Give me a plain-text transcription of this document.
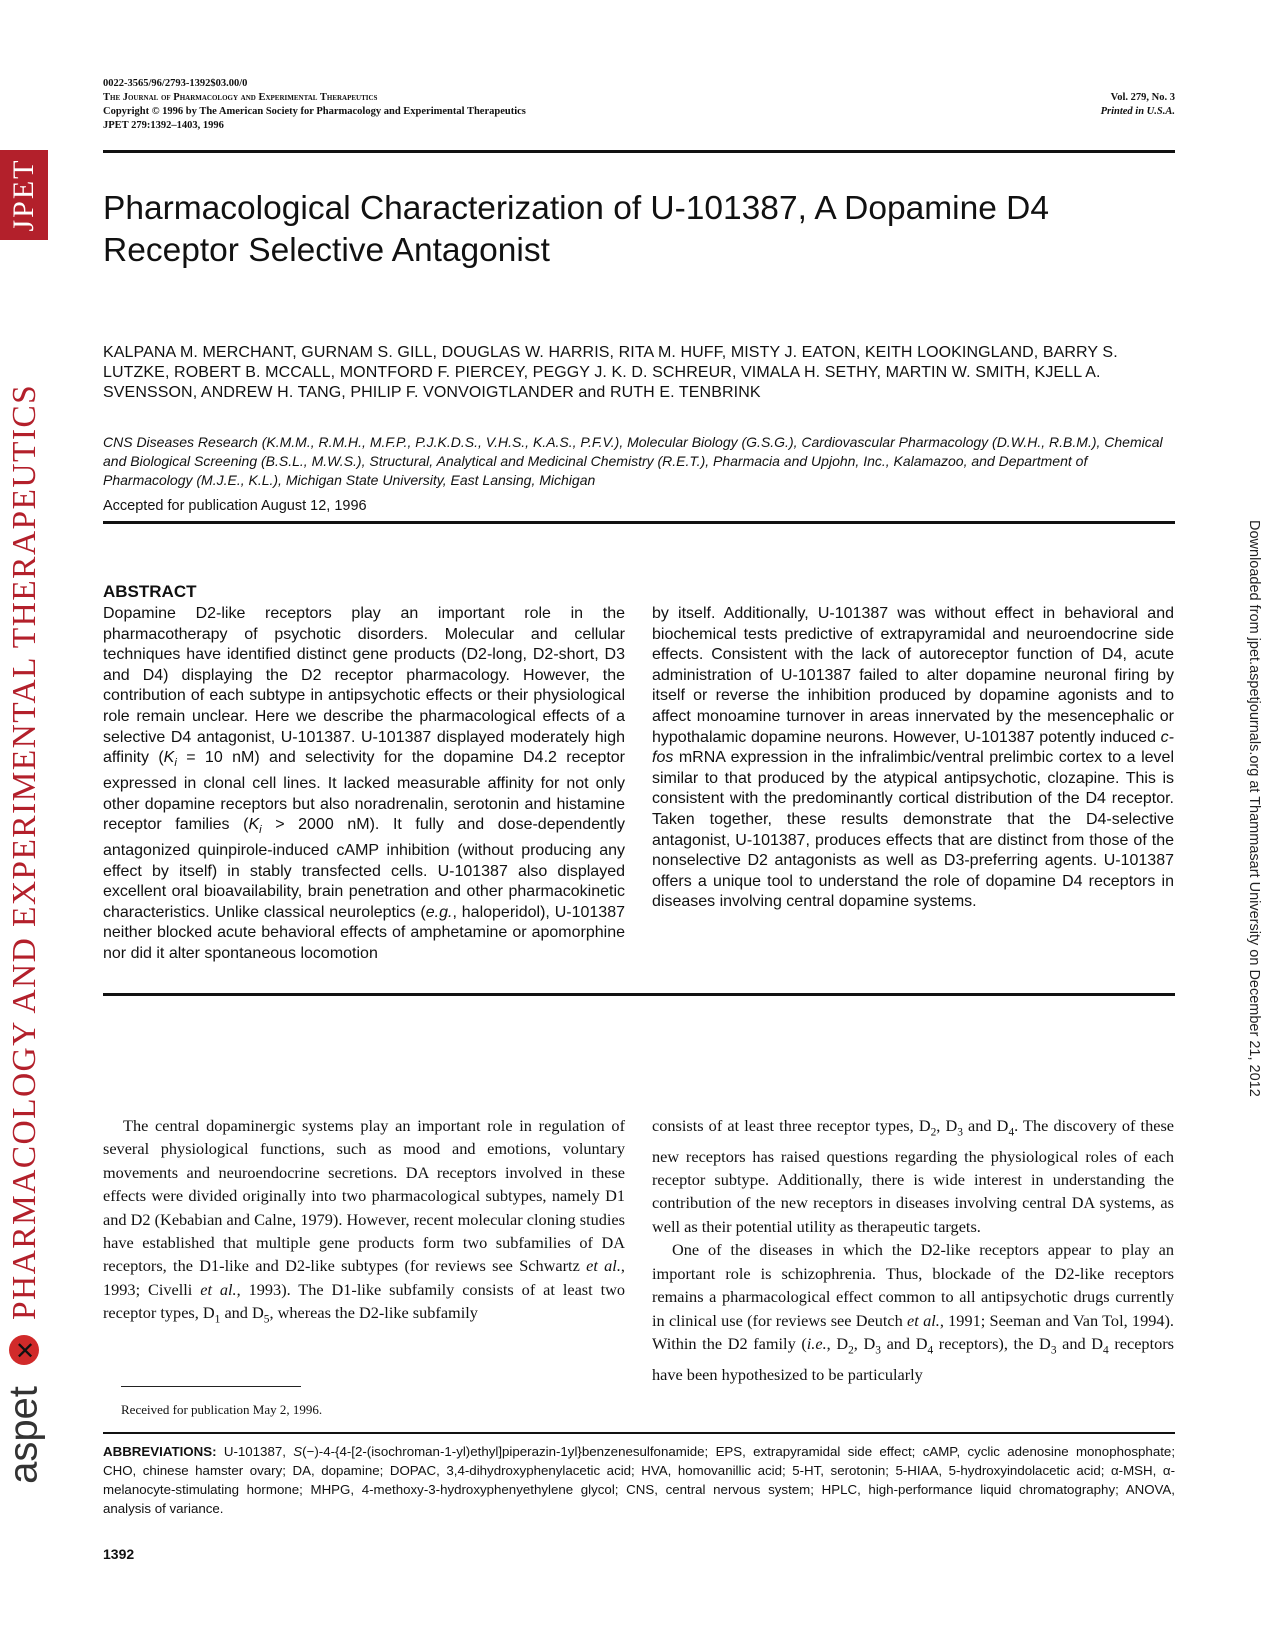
JPET
PHARMACOLOGY AND EXPERIMENTAL THERAPEUTICS
✕
aspet
Downloaded from jpet.aspetjournals.org at Thammasart University on December 21, 2012
0022-3565/96/2793-1392$03.00/0
The Journal of Pharmacology and Experimental Therapeutics
Copyright © 1996 by The American Society for Pharmacology and Experimental Therapeutics
JPET 279:1392–1403, 1996
Vol. 279, No. 3
Printed in U.S.A.
Pharmacological Characterization of U-101387, A Dopamine D4 Receptor Selective Antagonist
KALPANA M. MERCHANT, GURNAM S. GILL, DOUGLAS W. HARRIS, RITA M. HUFF, MISTY J. EATON, KEITH LOOKINGLAND, BARRY S. LUTZKE, ROBERT B. MCCALL, MONTFORD F. PIERCEY, PEGGY J. K. D. SCHREUR, VIMALA H. SETHY, MARTIN W. SMITH, KJELL A. SVENSSON, ANDREW H. TANG, PHILIP F. VONVOIGTLANDER and RUTH E. TENBRINK
CNS Diseases Research (K.M.M., R.M.H., M.F.P., P.J.K.D.S., V.H.S., K.A.S., P.F.V.), Molecular Biology (G.S.G.), Cardiovascular Pharmacology (D.W.H., R.B.M.), Chemical and Biological Screening (B.S.L., M.W.S.), Structural, Analytical and Medicinal Chemistry (R.E.T.), Pharmacia and Upjohn, Inc., Kalamazoo, and Department of Pharmacology (M.J.E., K.L.), Michigan State University, East Lansing, Michigan
Accepted for publication August 12, 1996
ABSTRACT
Dopamine D2-like receptors play an important role in the pharmacotherapy of psychotic disorders. Molecular and cellular techniques have identified distinct gene products (D2-long, D2-short, D3 and D4) displaying the D2 receptor pharmacology. However, the contribution of each subtype in antipsychotic effects or their physiological role remain unclear. Here we describe the pharmacological effects of a selective D4 antagonist, U-101387. U-101387 displayed moderately high affinity ($K_i = 10$ nM) and selectivity for the dopamine D4.2 receptor expressed in clonal cell lines. It lacked measurable affinity for not only other dopamine receptors but also noradrenalin, serotonin and histamine receptor families ($K_i > 2000$ nM). It fully and dose-dependently antagonized quinpirole-induced cAMP inhibition (without producing any effect by itself) in stably transfected cells. U-101387 also displayed excellent oral bioavailability, brain penetration and other pharmacokinetic characteristics. Unlike classical neuroleptics (e.g., haloperidol), U-101387 neither blocked acute behavioral effects of amphetamine or apomorphine nor did it alter spontaneous locomotion
by itself. Additionally, U-101387 was without effect in behavioral and biochemical tests predictive of extrapyramidal and neuroendocrine side effects. Consistent with the lack of autoreceptor function of D4, acute administration of U-101387 failed to alter dopamine neuronal firing by itself or reverse the inhibition produced by dopamine agonists and to affect monoamine turnover in areas innervated by the mesencephalic or hypothalamic dopamine neurons. However, U-101387 potently induced c-fos mRNA expression in the infralimbic/ventral prelimbic cortex to a level similar to that produced by the atypical antipsychotic, clozapine. This is consistent with the predominantly cortical distribution of the D4 receptor. Taken together, these results demonstrate that the D4-selective antagonist, U-101387, produces effects that are distinct from those of the nonselective D2 antagonists as well as D3-preferring agents. U-101387 offers a unique tool to understand the role of dopamine D4 receptors in diseases involving central dopamine systems.

The central dopaminergic systems play an important role in regulation of several physiological functions, such as mood and emotions, voluntary movements and neuroendocrine secretions. DA receptors involved in these effects were divided originally into two pharmacological subtypes, namely D1 and D2 (Kebabian and Calne, 1979). However, recent molecular cloning studies have established that multiple gene products form two subfamilies of DA receptors, the D1-like and D2-like subtypes (for reviews see Schwartz et al., 1993; Civelli et al., 1993). The D1-like subfamily consists of at least two receptor types, $D_1$ and $D_5$, whereas the D2-like subfamily

consists of at least three receptor types, $D_2$, $D_3$ and $D_4$. The discovery of these new receptors has raised questions regarding the physiological roles of each receptor subtype. Additionally, there is wide interest in understanding the contribution of the new receptors in diseases involving central DA systems, as well as their potential utility as therapeutic targets.

One of the diseases in which the D2-like receptors appear to play an important role is schizophrenia. Thus, blockade of the D2-like receptors remains a pharmacological effect common to all antipsychotic drugs currently in clinical use (for reviews see Deutch et al., 1991; Seeman and Van Tol, 1994). Within the D2 family (i.e., $D_2$, $D_3$ and $D_4$ receptors), the $D_3$ and $D_4$ receptors have been hypothesized to be particularly

Received for publication May 2, 1996.
ABBREVIATIONS: U-101387, S(−)-4-{4-[2-(isochroman-1-yl)ethyl]piperazin-1yl}benzenesulfonamide; EPS, extrapyramidal side effect; cAMP, cyclic adenosine monophosphate; CHO, chinese hamster ovary; DA, dopamine; DOPAC, 3,4-dihydroxyphenylacetic acid; HVA, homovanillic acid; 5-HT, serotonin; 5-HIAA, 5-hydroxyindolacetic acid; α-MSH, α-melanocyte-stimulating hormone; MHPG, 4-methoxy-3-hydroxyphenyethylene glycol; CNS, central nervous system; HPLC, high-performance liquid chromatography; ANOVA, analysis of variance.
1392
